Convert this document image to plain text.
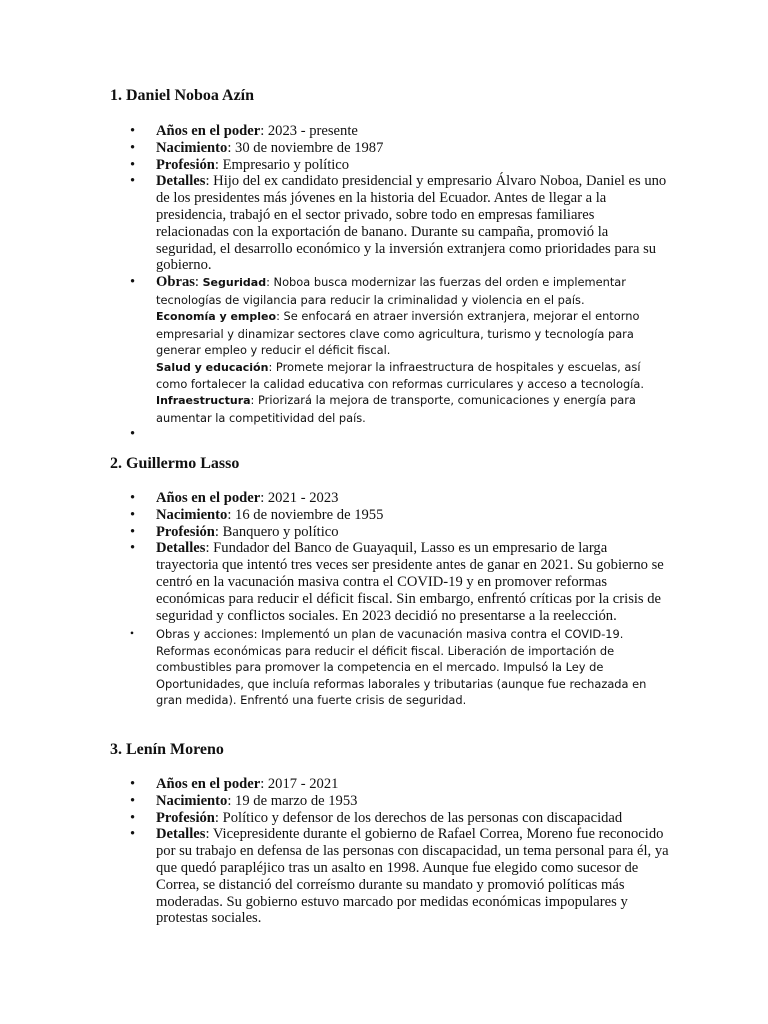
1. Daniel Noboa Azín
• Años en el poder: 2023 - presente
• Nacimiento: 30 de noviembre de 1987
• Profesión: Empresario y político
• Detalles: Hijo del ex candidato presidencial y empresario Álvaro Noboa, Daniel es uno de los presidentes más jóvenes en la historia del Ecuador. Antes de llegar a la presidencia, trabajó en el sector privado, sobre todo en empresas familiares relacionadas con la exportación de banano. Durante su campaña, promovió la seguridad, el desarrollo económico y la inversión extranjera como prioridades para su gobierno.
• Obras: Seguridad: Noboa busca modernizar las fuerzas del orden e implementar tecnologías de vigilancia para reducir la criminalidad y violencia en el país.
Economía y empleo: Se enfocará en atraer inversión extranjera, mejorar el entorno empresarial y dinamizar sectores clave como agricultura, turismo y tecnología para generar empleo y reducir el déficit fiscal.
Salud y educación: Promete mejorar la infraestructura de hospitales y escuelas, así como fortalecer la calidad educativa con reformas curriculares y acceso a tecnología.
Infraestructura: Priorizará la mejora de transporte, comunicaciones y energía para aumentar la competitividad del país.
•
2. Guillermo Lasso
• Años en el poder: 2021 - 2023
• Nacimiento: 16 de noviembre de 1955
• Profesión: Banquero y político
• Detalles: Fundador del Banco de Guayaquil, Lasso es un empresario de larga trayectoria que intentó tres veces ser presidente antes de ganar en 2021. Su gobierno se centró en la vacunación masiva contra el COVID-19 y en promover reformas económicas para reducir el déficit fiscal. Sin embargo, enfrentó críticas por la crisis de seguridad y conflictos sociales. En 2023 decidió no presentarse a la reelección.
• Obras y acciones: Implementó un plan de vacunación masiva contra el COVID-19. Reformas económicas para reducir el déficit fiscal. Liberación de importación de combustibles para promover la competencia en el mercado. Impulsó la Ley de Oportunidades, que incluía reformas laborales y tributarias (aunque fue rechazada en gran medida). Enfrentó una fuerte crisis de seguridad.
3. Lenín Moreno
• Años en el poder: 2017 - 2021
• Nacimiento: 19 de marzo de 1953
• Profesión: Político y defensor de los derechos de las personas con discapacidad
• Detalles: Vicepresidente durante el gobierno de Rafael Correa, Moreno fue reconocido por su trabajo en defensa de las personas con discapacidad, un tema personal para él, ya que quedó parapléjico tras un asalto en 1998. Aunque fue elegido como sucesor de Correa, se distanció del correísmo durante su mandato y promovió políticas más moderadas. Su gobierno estuvo marcado por medidas económicas impopulares y protestas sociales.
